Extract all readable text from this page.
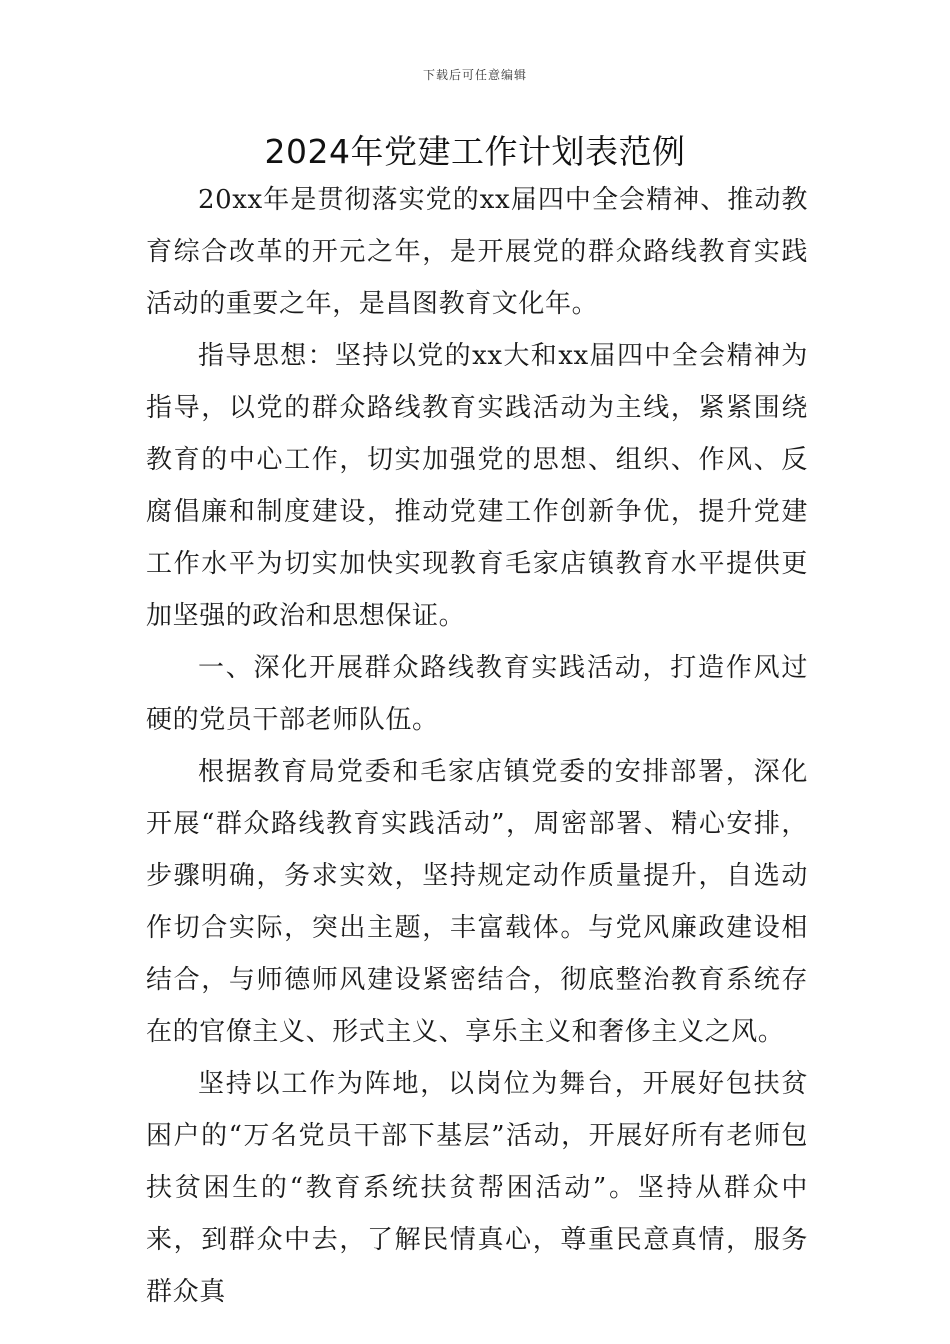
下载后可任意编辑
2024年党建工作计划表范例

20xx年是贯彻落实党的xx届四中全会精神、推动教育综合改革的开元之年，是开展党的群众路线教育实践活动的重要之年，是昌图教育文化年。

指导思想：坚持以党的xx大和xx届四中全会精神为指导，以党的群众路线教育实践活动为主线，紧紧围绕教育的中心工作，切实加强党的思想、组织、作风、反腐倡廉和制度建设，推动党建工作创新争优，提升党建工作水平为切实加快实现教育毛家店镇教育水平提供更加坚强的政治和思想保证。

一、深化开展群众路线教育实践活动，打造作风过硬的党员干部老师队伍。

根据教育局党委和毛家店镇党委的安排部署，深化开展“群众路线教育实践活动”，周密部署、精心安排，步骤明确，务求实效，坚持规定动作质量提升，自选动作切合实际，突出主题，丰富载体。与党风廉政建设相结合，与师德师风建设紧密结合，彻底整治教育系统存在的官僚主义、形式主义、享乐主义和奢侈主义之风。

坚持以工作为阵地，以岗位为舞台，开展好包扶贫困户的“万名党员干部下基层”活动，开展好所有老师包扶贫困生的“教育系统扶贫帮困活动”。坚持从群众中来，到群众中去，了解民情真心，尊重民意真情，服务群众真
